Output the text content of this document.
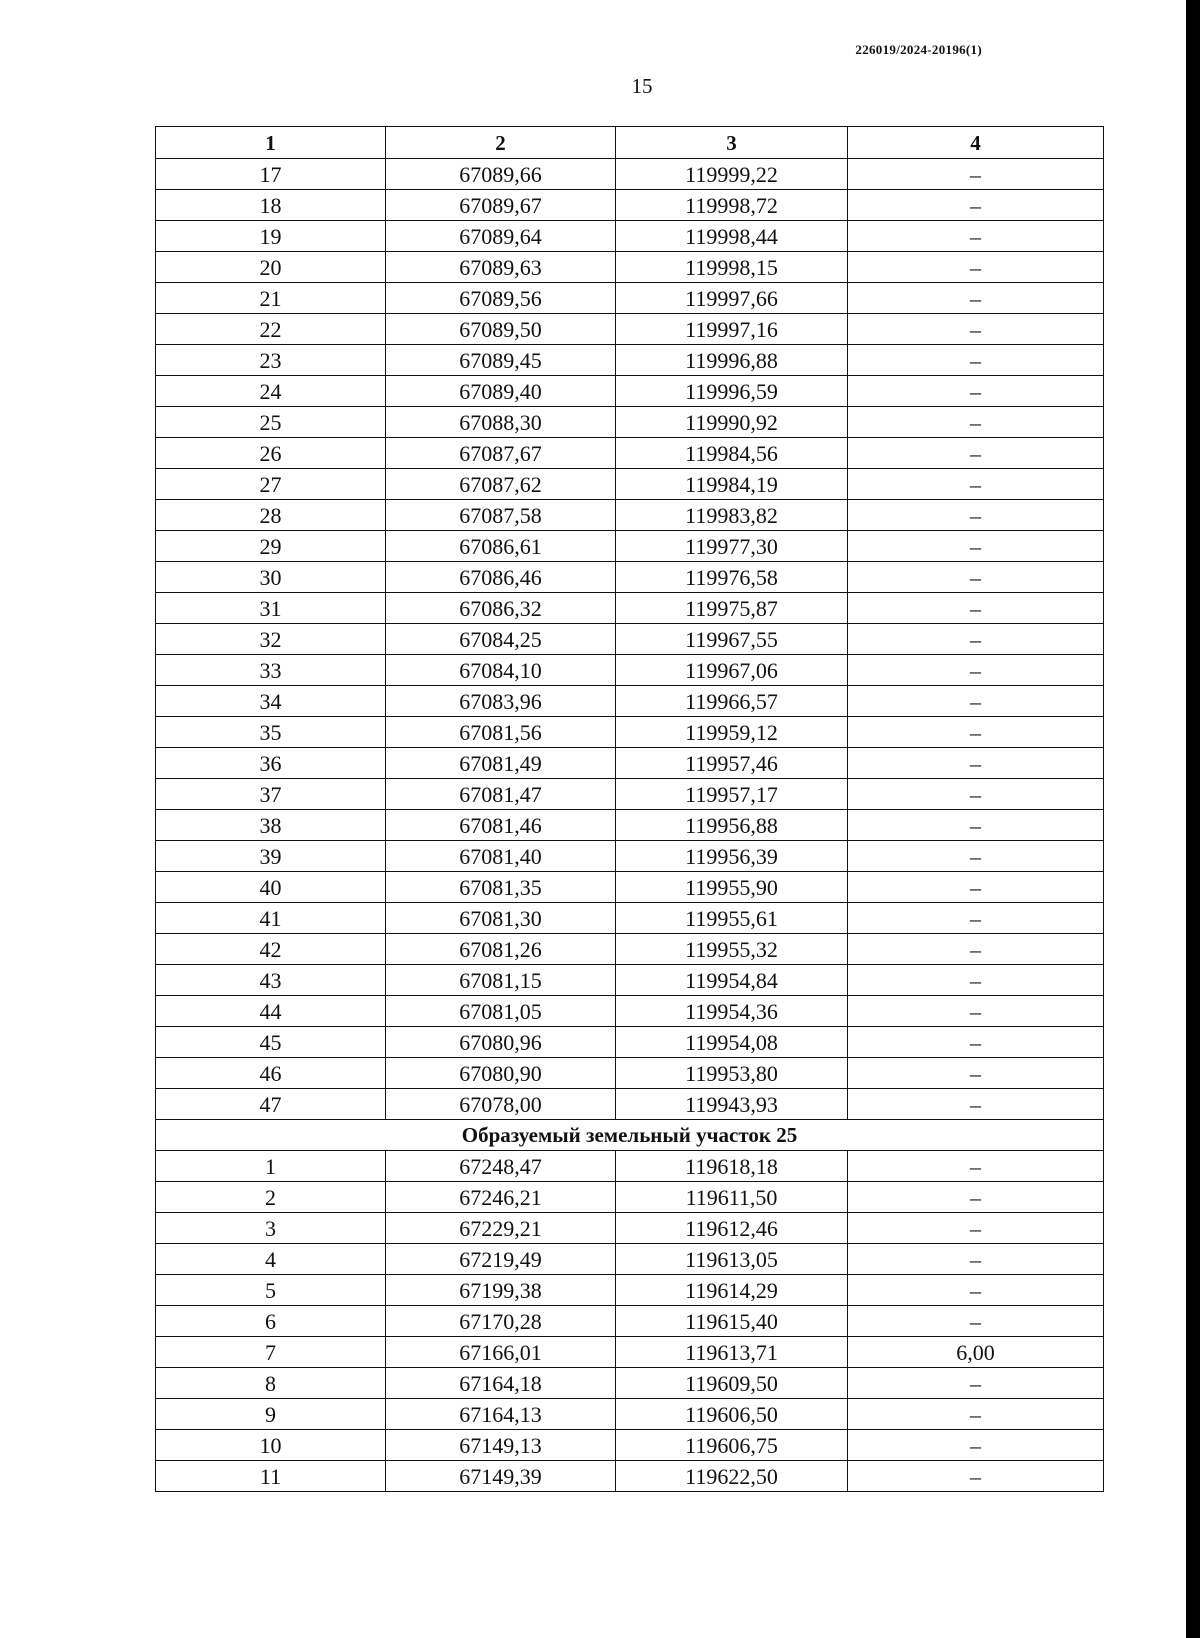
226019/2024-20196(1)
15
1	2	3	4
17	67089,66	119999,22	–
18	67089,67	119998,72	–
19	67089,64	119998,44	–
20	67089,63	119998,15	–
21	67089,56	119997,66	–
22	67089,50	119997,16	–
23	67089,45	119996,88	–
24	67089,40	119996,59	–
25	67088,30	119990,92	–
26	67087,67	119984,56	–
27	67087,62	119984,19	–
28	67087,58	119983,82	–
29	67086,61	119977,30	–
30	67086,46	119976,58	–
31	67086,32	119975,87	–
32	67084,25	119967,55	–
33	67084,10	119967,06	–
34	67083,96	119966,57	–
35	67081,56	119959,12	–
36	67081,49	119957,46	–
37	67081,47	119957,17	–
38	67081,46	119956,88	–
39	67081,40	119956,39	–
40	67081,35	119955,90	–
41	67081,30	119955,61	–
42	67081,26	119955,32	–
43	67081,15	119954,84	–
44	67081,05	119954,36	–
45	67080,96	119954,08	–
46	67080,90	119953,80	–
47	67078,00	119943,93	–
Образуемый земельный участок 25			
1	67248,47	119618,18	–
2	67246,21	119611,50	–
3	67229,21	119612,46	–
4	67219,49	119613,05	–
5	67199,38	119614,29	–
6	67170,28	119615,40	–
7	67166,01	119613,71	6,00
8	67164,18	119609,50	–
9	67164,13	119606,50	–
10	67149,13	119606,75	–
11	67149,39	119622,50	–
